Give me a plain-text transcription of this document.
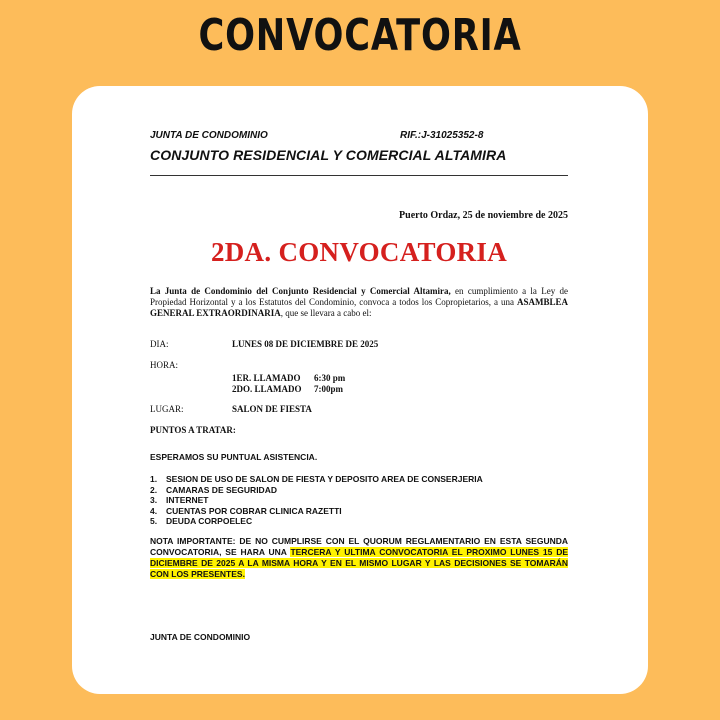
CONVOCATORIA
JUNTA DE CONDOMINIO	RIF.:J-31025352-8
CONJUNTO RESIDENCIAL Y COMERCIAL ALTAMIRA
Puerto Ordaz, 25 de noviembre de 2025
2DA. CONVOCATORIA
La Junta de Condominio del Conjunto Residencial y Comercial Altamira, en cumplimiento a la Ley de Propiedad Horizontal y a los Estatutos del Condominio, convoca a todos los Copropietarios, a una ASAMBLEA GENERAL EXTRAORDINARIA, que se llevara a cabo el:
DIA:	LUNES 08 DE DICIEMBRE DE 2025
HORA:
1ER. LLAMADO 6:30 pm
2DO. LLAMADO 7:00pm
LUGAR:	SALON DE FIESTA
PUNTOS A TRATAR:
ESPERAMOS SU PUNTUAL ASISTENCIA.
1. SESION DE USO DE SALON DE FIESTA Y DEPOSITO AREA DE CONSERJERIA
2. CAMARAS DE SEGURIDAD
3. INTERNET
4. CUENTAS POR COBRAR CLINICA RAZETTI
5. DEUDA CORPOELEC
NOTA IMPORTANTE: DE NO CUMPLIRSE CON EL QUORUM REGLAMENTARIO EN ESTA SEGUNDA CONVOCATORIA, SE HARA UNA TERCERA Y ULTIMA CONVOCATORIA EL PROXIMO LUNES 15 DE DICIEMBRE DE 2025 A LA MISMA HORA Y EN EL MISMO LUGAR Y LAS DECISIONES SE TOMARÁN CON LOS PRESENTES.
JUNTA DE CONDOMINIO
